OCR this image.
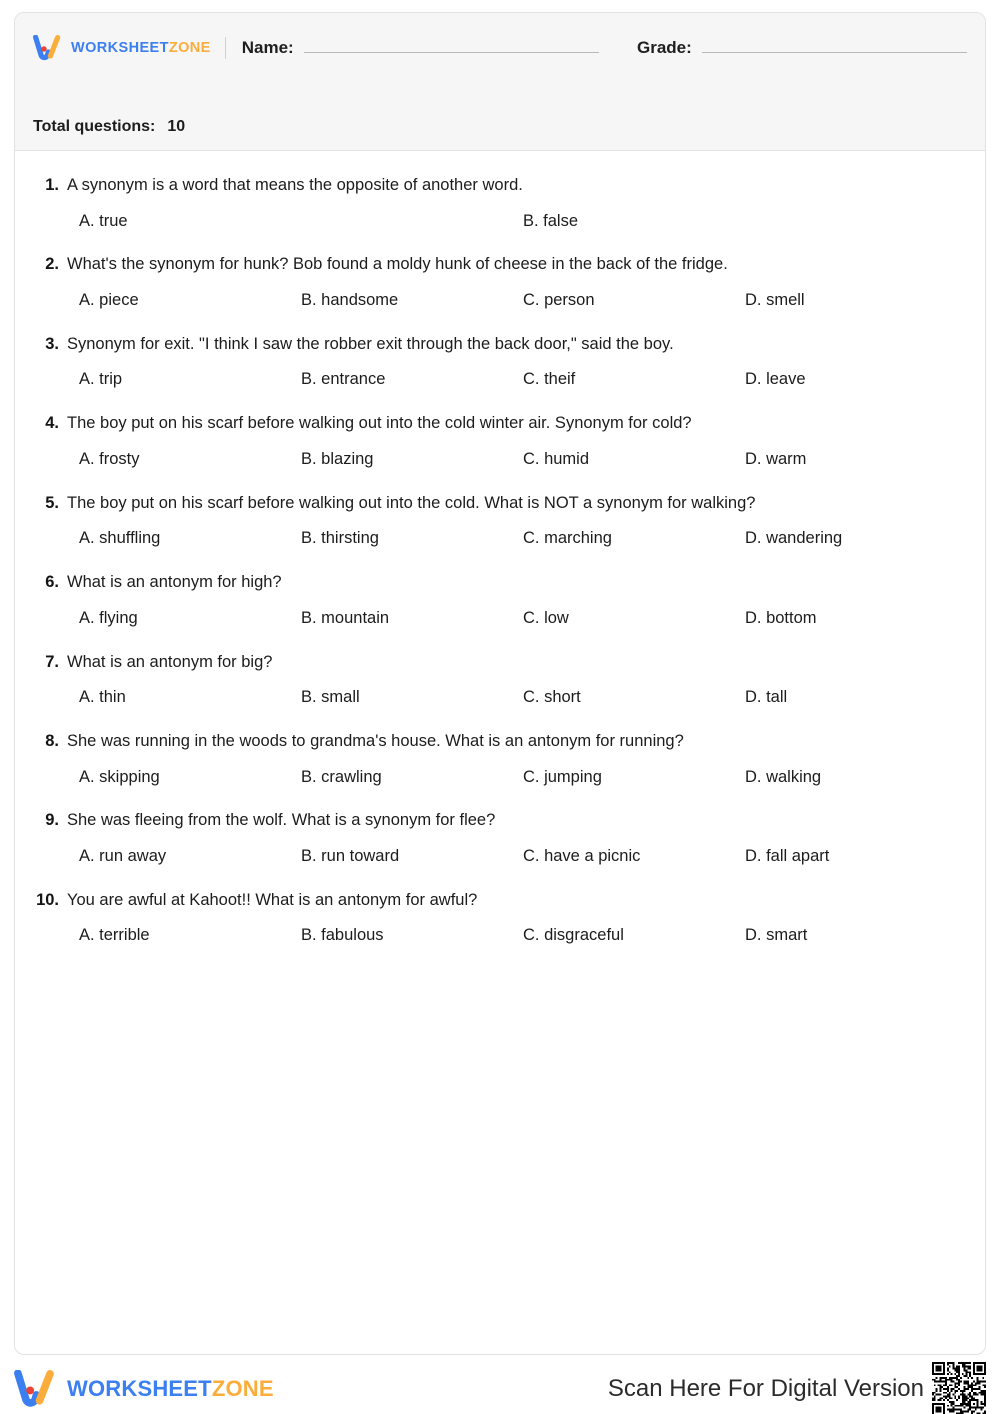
WORKSHEETZONE Name:	Grade:
Total questions: 10
1. A synonym is a word that means the opposite of another word.
A. true	B. false
2. What's the synonym for hunk? Bob found a moldy hunk of cheese in the back of the fridge.
A. piece	B. handsome	C. person	D. smell
3. Synonym for exit. "I think I saw the robber exit through the back door," said the boy.
A. trip	B. entrance	C. theif	D. leave
4. The boy put on his scarf before walking out into the cold winter air. Synonym for cold?
A. frosty	B. blazing	C. humid	D. warm
5. The boy put on his scarf before walking out into the cold. What is NOT a synonym for walking?
A. shuffling	B. thirsting	C. marching	D. wandering
6. What is an antonym for high?
A. flying	B. mountain	C. low	D. bottom
7. What is an antonym for big?
A. thin	B. small	C. short	D. tall
8. She was running in the woods to grandma's house. What is an antonym for running?
A. skipping	B. crawling	C. jumping	D. walking
9. She was fleeing from the wolf. What is a synonym for flee?
A. run away	B. run toward	C. have a picnic	D. fall apart
10. You are awful at Kahoot!! What is an antonym for awful?
A. terrible	B. fabulous	C. disgraceful	D. smart
WORKSHEETZONE	Scan Here For Digital Version
